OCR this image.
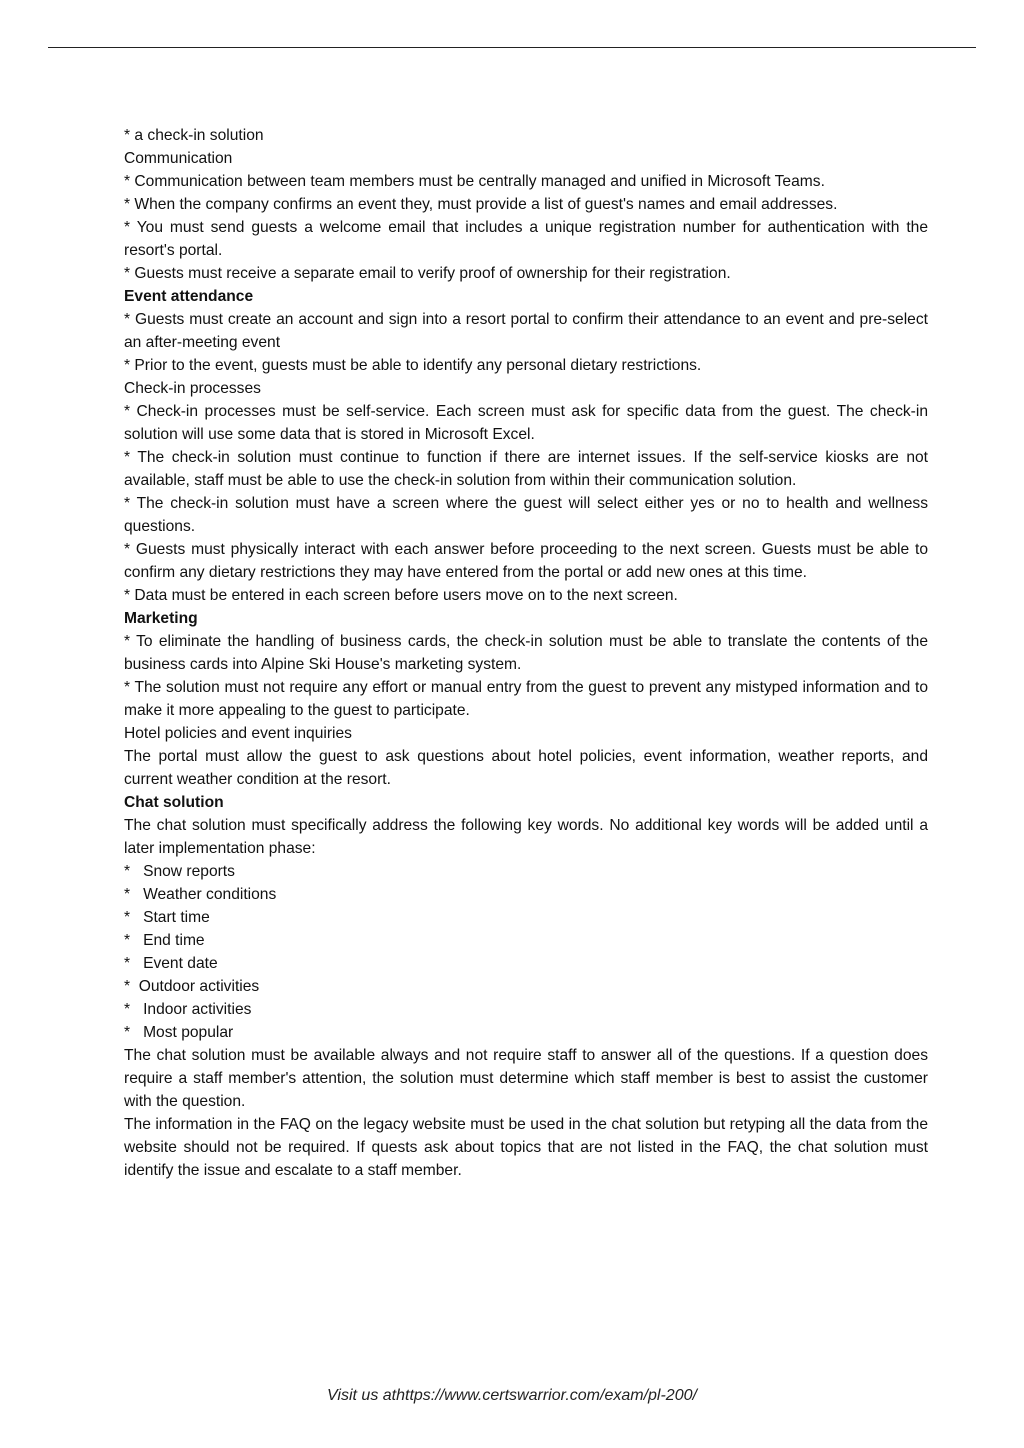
* a check-in solution

Communication

* Communication between team members must be centrally managed and unified in Microsoft Teams.

* When the company confirms an event they, must provide a list of guest's names and email addresses.

* You must send guests a welcome email that includes a unique registration number for authentication with the resort's portal.

* Guests must receive a separate email to verify proof of ownership for their registration.

Event attendance

* Guests must create an account and sign into a resort portal to confirm their attendance to an event and pre-select an after-meeting event

* Prior to the event, guests must be able to identify any personal dietary restrictions.

Check-in processes

* Check-in processes must be self-service. Each screen must ask for specific data from the guest. The check-in solution will use some data that is stored in Microsoft Excel.

* The check-in solution must continue to function if there are internet issues. If the self-service kiosks are not available, staff must be able to use the check-in solution from within their communication solution.

* The check-in solution must have a screen where the guest will select either yes or no to health and wellness questions.

* Guests must physically interact with each answer before proceeding to the next screen. Guests must be able to confirm any dietary restrictions they may have entered from the portal or add new ones at this time.

* Data must be entered in each screen before users move on to the next screen.

Marketing

* To eliminate the handling of business cards, the check-in solution must be able to translate the contents of the business cards into Alpine Ski House's marketing system.

* The solution must not require any effort or manual entry from the guest to prevent any mistyped information and to make it more appealing to the guest to participate.

Hotel policies and event inquiries

The portal must allow the guest to ask questions about hotel policies, event information, weather reports, and current weather condition at the resort.

Chat solution

The chat solution must specifically address the following key words. No additional key words will be added until a later implementation phase:

*   Snow reports

*   Weather conditions

*   Start time

*   End time

*   Event date

*  Outdoor activities

*   Indoor activities

*   Most popular

The chat solution must be available always and not require staff to answer all of the questions. If a question does require a staff member's attention, the solution must determine which staff member is best to assist the customer with the question.

The information in the FAQ on the legacy website must be used in the chat solution but retyping all the data from the website should not be required. If quests ask about topics that are not listed in the FAQ, the chat solution must identify the issue and escalate to a staff member.

Visit us athttps://www.certswarrior.com/exam/pl-200/
